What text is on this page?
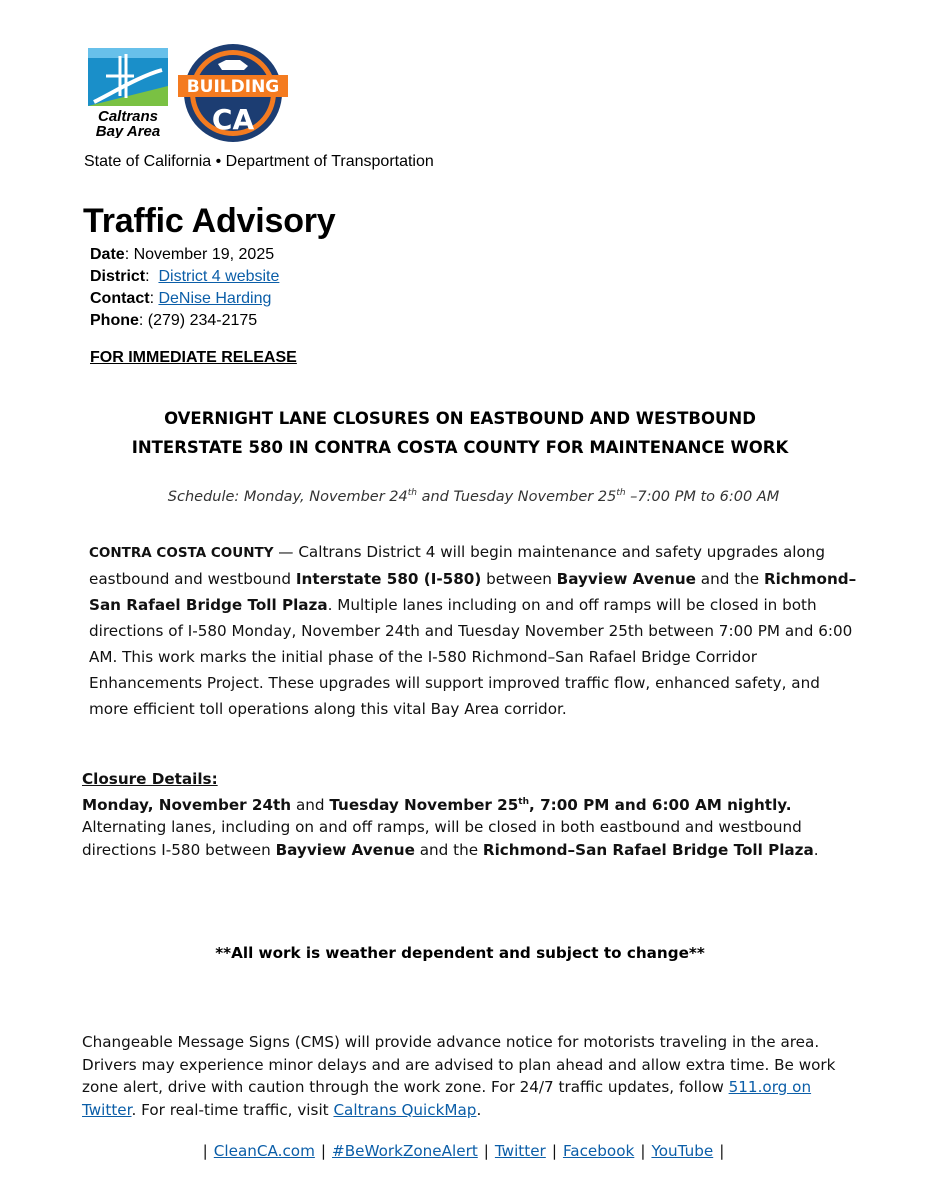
Caltrans
Bay Area
BUILDING
CA
State of California • Department of Transportation
Traffic Advisory
Date: November 19, 2025
District:  District 4 website
Contact: DeNise Harding
Phone: (279) 234-2175
FOR IMMEDIATE RELEASE
OVERNIGHT LANE CLOSURES ON EASTBOUND AND WESTBOUND
INTERSTATE 580 IN CONTRA COSTA COUNTY FOR MAINTENANCE WORK
Schedule: Monday, November 24th and Tuesday November 25th –7:00 PM to 6:00 AM
CONTRA COSTA COUNTY — Caltrans District 4 will begin maintenance and safety upgrades along eastbound and westbound Interstate 580 (I-580) between Bayview Avenue and the Richmond–San Rafael Bridge Toll Plaza. Multiple lanes including on and off ramps will be closed in both directions of I-580 Monday, November 24th and Tuesday November 25th between 7:00 PM and 6:00 AM. This work marks the initial phase of the I-580 Richmond–San Rafael Bridge Corridor Enhancements Project. These upgrades will support improved traffic flow, enhanced safety, and more efficient toll operations along this vital Bay Area corridor.
Closure Details:
Monday, November 24th and Tuesday November 25th, 7:00 PM and 6:00 AM nightly. Alternating lanes, including on and off ramps, will be closed in both eastbound and westbound directions I-580 between Bayview Avenue and the Richmond–San Rafael Bridge Toll Plaza.
**All work is weather dependent and subject to change**
Changeable Message Signs (CMS) will provide advance notice for motorists traveling in the area. Drivers may experience minor delays and are advised to plan ahead and allow extra time. Be work zone alert, drive with caution through the work zone. For 24/7 traffic updates, follow 511.org on Twitter. For real-time traffic, visit Caltrans QuickMap.
| CleanCA.com | #BeWorkZoneAlert | Twitter | Facebook | YouTube |
